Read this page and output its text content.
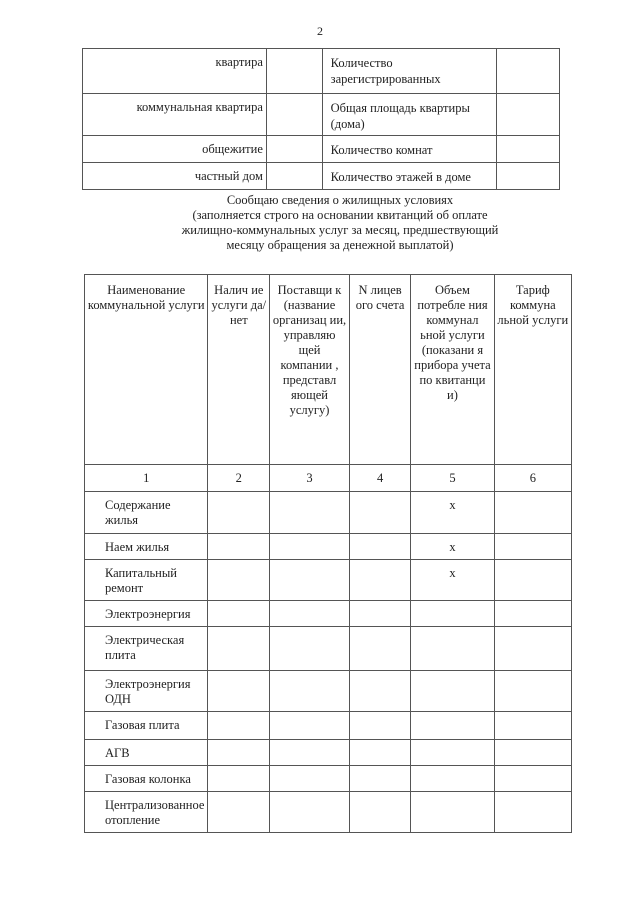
2
квартира		Количество зарегистрированных	
коммунальная квартира		Общая площадь квартиры (дома)	
общежитие		Количество комнат	
частный дом		Количество этажей в доме	
Сообщаю сведения о жилищных условиях
(заполняется строго на основании квитанций об оплате
жилищно-коммунальных услуг за месяц, предшествующий
месяцу обращения за денежной выплатой)
Наименование коммунальной услуги	Налич ие услуги да/нет	Поставщи к (название организац ии, управляю щей компании , представл яющей услугу)	N лицев ого счета	Объем потребле ния коммунал ьной услуги (показани я прибора учета по квитанци и)	Тариф коммуна льной услуги
1	2	3	4	5	6
Содержание жилья				x	
Наем жилья				x	
Капитальный ремонт				x	
Электроэнергия					
Электрическая плита					
Электроэнергия ОДН					
Газовая плита					
АГВ					
Газовая колонка					
Централизованное отопление					
